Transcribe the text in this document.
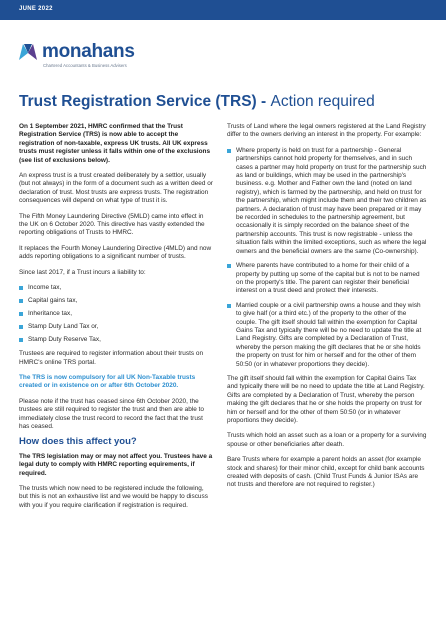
JUNE 2022
monahans
Chartered Accountants & Business Advisers
Trust Registration Service (TRS) - Action required

On 1 September 2021, HMRC confirmed that the Trust Registration Service (TRS) is now able to accept the registration of non-taxable, express UK trusts. All UK express trusts must register unless it falls within one of the exclusions (see list of exclusions below).

An express trust is a trust created deliberately by a settlor, usually (but not always) in the form of a document such as a written deed or declaration of trust. Most trusts are express trusts. The registration consequences will depend on what type of trust it is.

The Fifth Money Laundering Directive (5MLD) came into effect in the UK on 6 October 2020. This directive has vastly extended the reporting obligations of Trusts to HMRC.

It replaces the Fourth Money Laundering Directive (4MLD) and now adds reporting obligations to a significant number of trusts.

Since last 2017, if a Trust incurs a liability to:

Income tax,
Capital gains tax,
Inheritance tax,
Stamp Duty Land Tax or,
Stamp Duty Reserve Tax,

Trustees are required to register information about their trusts on HMRC's online TRS portal.

The TRS is now compulsory for all UK Non-Taxable trusts created or in existence on or after 6th October 2020.

Please note if the trust has ceased since 6th October 2020, the trustees are still required to register the trust and then are able to immediately close the trust record to record the fact that the trust has ceased.

How does this affect you?

The TRS legislation may or may not affect you. Trustees have a legal duty to comply with HMRC reporting equirements, if required.

The trusts which now need to be registered include the following, but this is not an exhaustive list and we would be happy to discuss with you if you require clarification if registration is required.

Trusts of Land where the legal owners registered at the Land Registry differ to the owners deriving an interest in the property. For example:

Where property is held on trust for a partnership - General partnerships cannot hold property for themselves, and in such cases a partner may hold property on trust for the partnership such as land or buildings, which may be used in the partnership's business. e.g. Mother and Father own the land (noted on land registry), which is farmed by the partnership, and held on trust for the partnership, which might include them and their two children as partners. A declaration of trust may have been prepared or it may be recorded in schedules to the partnership agreement, but occasionally it is simply recorded on the balance sheet of the partnership accounts. This trust is now registrable - unless the situation falls within the limited exceptions, such as where the legal owners and the beneficial owners are the same (Co-ownership).
Where parents have contributed to a home for their child of a property by putting up some of the capital but is not to be named on the property's title. The parent can register their beneficial interest on a trust deed and protect their interests.
Married couple or a civil partnership owns a house and they wish to give half (or a third etc.) of the property to the other of the couple. The gift itself should fall within the exemption for Capital Gains Tax and typically there will be no need to update the title at Land Registry. Gifts are completed by a Declaration of Trust, whereby the person making the gift declares that he or she holds the property on trust for him or herself and for the other of them 50:50 (or in whatever proportions they decide).

The gift itself should fall within the exemption for Capital Gains Tax and typically there will be no need to update the title at Land Registry. Gifts are completed by a Declaration of Trust, whereby the person making the gift declares that he or she holds the property on trust for him or herself and for the other of them 50:50 (or in whatever proportions they decide).

Trusts which hold an asset such as a loan or a property for a surviving spouse or other beneficiaries after death.

Bare Trusts where for example a parent holds an asset (for example stock and shares) for their minor child, except for child bank accounts created with deposits of cash. (Child Trust Funds & Junior ISAs are not trusts and therefore are not required to register.)
